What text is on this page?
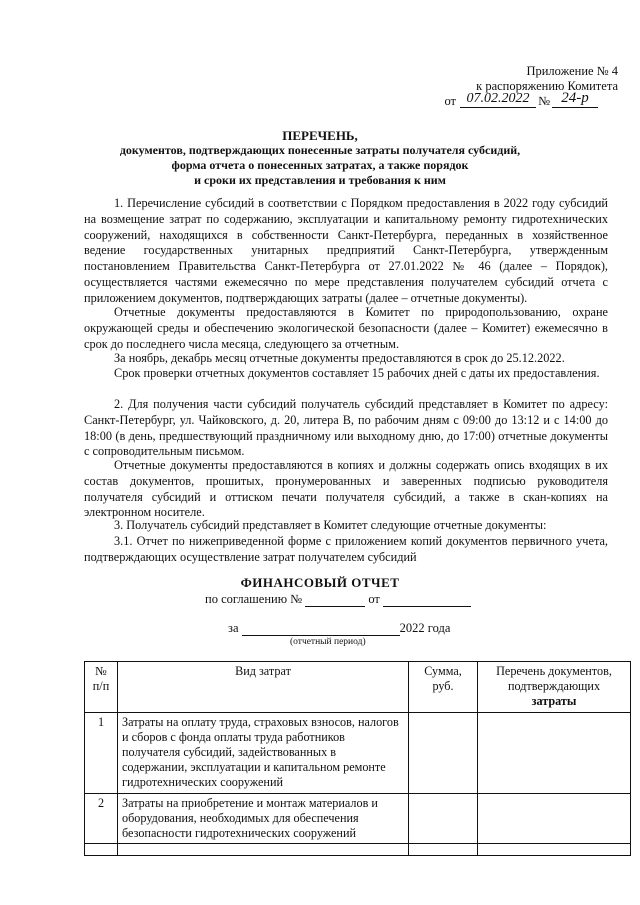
Приложение № 4
к распоряжению Комитета
от 07.02.2022 № 24-р
ПЕРЕЧЕНЬ,
документов, подтверждающих понесенные затраты получателя субсидий,
форма отчета о понесенных затратах, а также порядок
и сроки их представления и требования к ним

1. Перечисление субсидий в соответствии с Порядком предоставления в 2022 году субсидий на возмещение затрат по содержанию, эксплуатации и капитальному ремонту гидротехнических сооружений, находящихся в собственности Санкт-Петербурга, переданных в хозяйственное ведение государственных унитарных предприятий Санкт-Петербурга, утвержденным постановлением Правительства Санкт-Петербурга от 27.01.2022 № 46 (далее – Порядок), осуществляется частями ежемесячно по мере представления получателем субсидий отчета с приложением документов, подтверждающих затраты (далее – отчетные документы).

Отчетные документы предоставляются в Комитет по природопользованию, охране окружающей среды и обеспечению экологической безопасности (далее – Комитет) ежемесячно в срок до последнего числа месяца, следующего за отчетным.

За ноябрь, декабрь месяц отчетные документы предоставляются в срок до 25.12.2022.

Срок проверки отчетных документов составляет 15 рабочих дней с даты их предоставления.

2. Для получения части субсидий получатель субсидий представляет в Комитет по адресу: Санкт-Петербург, ул. Чайковского, д. 20, литера В, по рабочим дням с 09:00 до 13:12 и с 14:00 до 18:00 (в день, предшествующий праздничному или выходному дню, до 17:00) отчетные документы с сопроводительным письмом.

Отчетные документы предоставляются в копиях и должны содержать опись входящих в их состав документов, прошитых, пронумерованных и заверенных подписью руководителя получателя субсидий и оттиском печати получателя субсидий, а также в скан-копиях на электронном носителе.

3. Получатель субсидий представляет в Комитет следующие отчетные документы:

3.1. Отчет по нижеприведенной форме с приложением копий документов первичного учета, подтверждающих осуществление затрат получателем субсидий

ФИНАНСОВЫЙ ОТЧЕТ
по соглашению №	от
за	2022 года
(отчетный период)
№ п/п	Вид затрат	Сумма, руб.	Перечень документов, подтверждающих
затраты

1	Затраты на оплату труда, страховых взносов, налогов и сборов с фонда оплаты труда работников получателя субсидий, задействованных в содержании, эксплуатации и капитальном ремонте гидротехнических сооружений		
2	Затраты на приобретение и монтаж материалов и оборудования, необходимых для обеспечения безопасности гидротехнических сооружений		
